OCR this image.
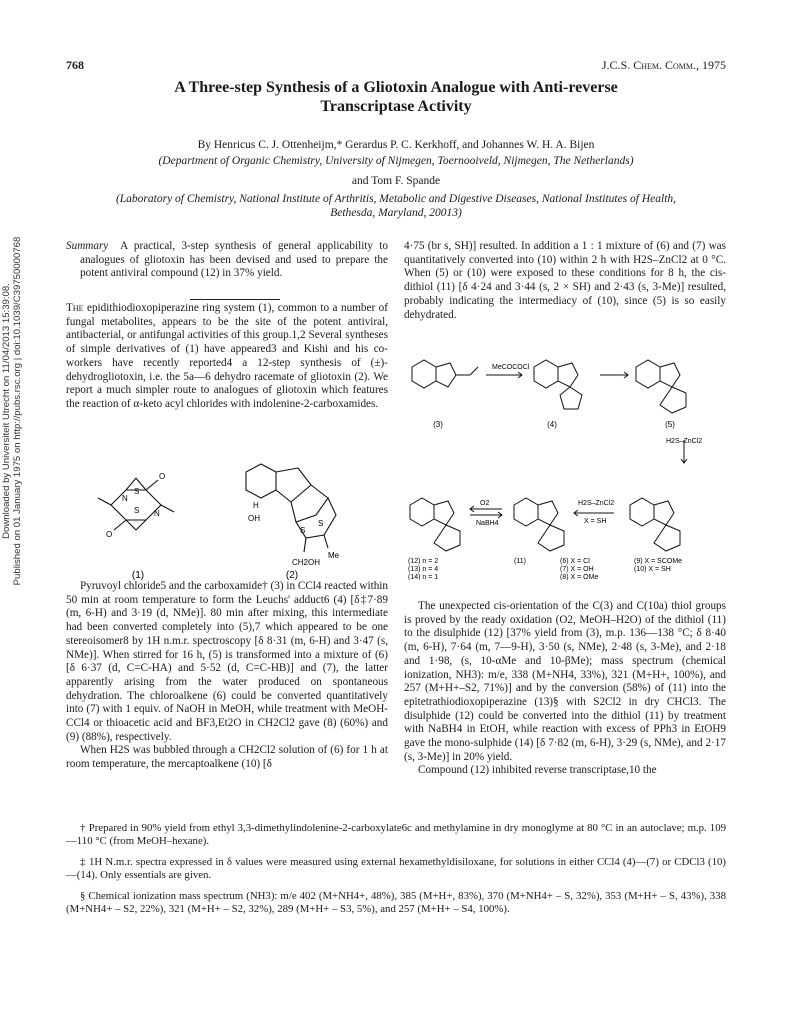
Downloaded by Universiteit Utrecht on 11/04/2013 15:39:08. Published on 01 January 1975 on http://pubs.rsc.org | doi:10.1039/C39750000768
768	J.C.S. Chem. Comm., 1975
A Three-step Synthesis of a Gliotoxin Analogue with Anti-reverse
Transcriptase Activity
By Henricus C. J. Ottenheijm,* Gerardus P. C. Kerkhoff, and Johannes W. H. A. Bijen
(Department of Organic Chemistry, University of Nijmegen, Toernooiveld, Nijmegen, The Netherlands)
and Tom F. Spande
(Laboratory of Chemistry, National Institute of Arthritis, Metabolic and Digestive Diseases, National Institutes of Health,
Bethesda, Maryland, 20013)

Summary A practical, 3-step synthesis of general applicability to analogues of gliotoxin has been devised and used to prepare the potent antiviral compound (12) in 37% yield.

The epidithiodioxopiperazine ring system (1), common to a number of fungal metabolites, appears to be the site of the potent antiviral, antibacterial, or antifungal activities of this group.1,2 Several syntheses of simple derivatives of (1) have appeared3 and Kishi and his co-workers have recently reported4 a 12-step synthesis of (±)-dehydrogliotoxin, i.e. the 5a—6 dehydro racemate of gliotoxin (2). We report a much simpler route to analogues of gliotoxin which features the reaction of α-keto acyl chlorides with indolenine-2-carboxamides.

N
S
S
O
O
N
H
OH
S
S
Me
CH2OH
(1)	(2)

Pyruvoyl chloride5 and the carboxamide† (3) in CCl4 reacted within 50 min at room temperature to form the Leuchs' adduct6 (4) [δ‡7·89 (m, 6-H) and 3·19 (d, NMe)]. 80 min after mixing, this intermediate had been converted completely into (5),7 which appeared to be one stereoisomer8 by 1H n.m.r. spectroscopy [δ 8·31 (m, 6-H) and 3·47 (s, NMe)]. When stirred for 16 h, (5) is transformed into a mixture of (6) [δ 6·37 (d, C=C-HA) and 5·52 (d, C=C-HB)] and (7), the latter apparently arising from the water produced on spontaneous dehydration. The chloroalkene (6) could be converted quantitatively into (7) with 1 equiv. of NaOH in MeOH, while treatment with MeOH-CCl4 or thioacetic acid and BF3,Et2O in CH2Cl2 gave (8) (60%) and (9) (88%), respectively.

When H2S was bubbled through a CH2Cl2 solution of (6) for 1 h at room temperature, the mercaptoalkene (10) [δ

4·75 (br s, SH)] resulted. In addition a 1 : 1 mixture of (6) and (7) was quantitatively converted into (10) within 2 h with H2S–ZnCl2 at 0 °C. When (5) or (10) were exposed to these conditions for 8 h, the cis-dithiol (11) [δ 4·24 and 3·44 (s, 2 × SH) and 2·43 (s, 3-Me)] resulted, probably indicating the intermediacy of (10), since (5) is so easily dehydrated.

MeCOCOCl
H2S–ZnCl2
H2S–ZnCl2
X = SH
O2
NaBH4
(3)	(4)	(5)
(12) n = 2
(13) n = 4
(14) n = 1
(11)	(6) X = Cl
(7) X = OH
(8) X = OMe
(9) X = SCOMe
(10) X = SH

The unexpected cis-orientation of the C(3) and C(10a) thiol groups is proved by the ready oxidation (O2, MeOH–H2O) of the dithiol (11) to the disulphide (12) [37% yield from (3), m.p. 136—138 °C; δ 8·40 (m, 6-H), 7·64 (m, 7—9-H), 3·50 (s, NMe), 2·48 (s, 3-Me), and 2·18 and 1·98, (s, 10-αMe and 10-βMe); mass spectrum (chemical ionization, NH3): m/e, 338 (M+NH4, 33%), 321 (M+H+, 100%), and 257 (M+H+–S2, 71%)] and by the conversion (58%) of (11) into the epitetrathiodioxopiperazine (13)§ with S2Cl2 in dry CHCl3. The disulphide (12) could be converted into the dithiol (11) by treatment with NaBH4 in EtOH, while reaction with excess of PPh3 in EtOH9 gave the mono-sulphide (14) [δ 7·82 (m, 6-H), 3·29 (s, NMe), and 2·17 (s, 3-Me)] in 20% yield.

Compound (12) inhibited reverse transcriptase,10 the

† Prepared in 90% yield from ethyl 3,3-dimethylindolenine-2-carboxylate6c and methylamine in dry monoglyme at 80 °C in an autoclave; m.p. 109—110 °C (from MeOH–hexane).

‡ 1H N.m.r. spectra expressed in δ values were measured using external hexamethyldisiloxane, for solutions in either CCl4 (4)—(7) or CDCl3 (10)—(14). Only essentials are given.

§ Chemical ionization mass spectrum (NH3): m/e 402 (M+NH4+, 48%), 385 (M+H+, 83%), 370 (M+NH4+ – S, 32%), 353 (M+H+ – S, 43%), 338 (M+NH4+ – S2, 22%), 321 (M+H+ – S2, 32%), 289 (M+H+ – S3, 5%), and 257 (M+H+ – S4, 100%).
